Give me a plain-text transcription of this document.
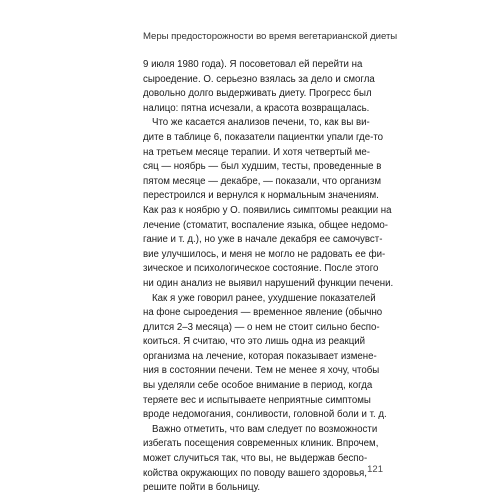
Меры предосторожности во время вегетарианской диеты

9 июля 1980 года). Я посоветовал ей перейти на
сыроедение. О. серьезно взялась за дело и смогла
довольно долго выдерживать диету. Прогресс был
налицо: пятна исчезали, а красота возвращалась.

Что же касается анализов печени, то, как вы ви-
дите в таблице 6, показатели пациентки упали где-то
на третьем месяце терапии. И хотя четвертый ме-
сяц — ноябрь — был худшим, тесты, проведенные в
пятом месяце — декабре, — показали, что организм
перестроился и вернулся к нормальным значениям.
Как раз к ноябрю у О. появились симптомы реакции на
лечение (стоматит, воспаление языка, общее недомо-
гание и т. д.), но уже в начале декабря ее самочувст-
вие улучшилось, и меня не могло не радовать ее фи-
зическое и психологическое состояние. После этого
ни один анализ не выявил нарушений функции печени.

Как я уже говорил ранее, ухудшение показателей
на фоне сыроедения — временное явление (обычно
длится 2–3 месяца) — о нем не стоит сильно беспо-
коиться. Я считаю, что это лишь одна из реакций
организма на лечение, которая показывает измене-
ния в состоянии печени. Тем не менее я хочу, чтобы
вы уделяли себе особое внимание в период, когда
теряете вес и испытываете неприятные симптомы
вроде недомогания, сонливости, головной боли и т. д.

Важно отметить, что вам следует по возможности
избегать посещения современных клиник. Впрочем,
может случиться так, что вы, не выдержав беспо-
койства окружающих по поводу вашего здоровья,
решите пойти в больницу.

121
